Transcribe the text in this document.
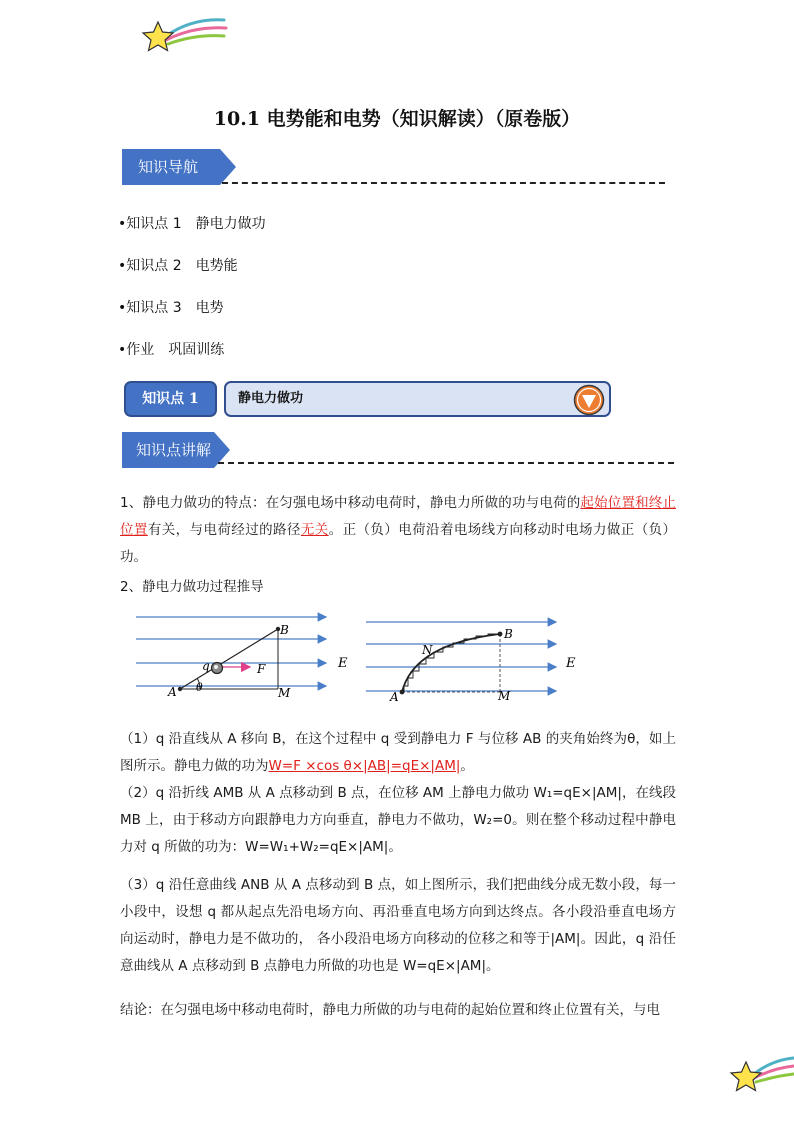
10.1 电势能和电势（知识解读）（原卷版）
知识导航
•知识点 1 静电力做功
•知识点 2 电势能
•知识点 3 电势
•作业 巩固训练
知识点 1	静电力做功
知识点讲解
1、静电力做功的特点：在匀强电场中移动电荷时，静电力所做的功与电荷的起始位置和终止位置有关，与电荷经过的路径无关。正（负）电荷沿着电场线方向移动时电场力做正（负）功。
2、静电力做功过程推导
A
B
M
q	F
θ
E
A
B
M
N
E
（1）q 沿直线从 A 移向 B，在这个过程中 q 受到静电力 F 与位移 AB 的夹角始终为θ，如上图所示。静电力做的功为W=F ×cos θ×|AB|=qE×|AM|。
（2）q 沿折线 AMB 从 A 点移动到 B 点，在位移 AM 上静电力做功 W₁=qE×|AM|，在线段 MB 上，由于移动方向跟静电力方向垂直，静电力不做功，W₂=0。则在整个移动过程中静电力对 q 所做的功为：W=W₁+W₂=qE×|AM|。
（3）q 沿任意曲线 ANB 从 A 点移动到 B 点，如上图所示，我们把曲线分成无数小段，每一小段中，设想 q 都从起点先沿电场方向、再沿垂直电场方向到达终点。各小段沿垂直电场方向运动时，静电力是不做功的， 各小段沿电场方向移动的位移之和等于|AM|。因此，q 沿任意曲线从 A 点移动到 B 点静电力所做的功也是 W=qE×|AM|。
结论：在匀强电场中移动电荷时，静电力所做的功与电荷的起始位置和终止位置有关，与电
